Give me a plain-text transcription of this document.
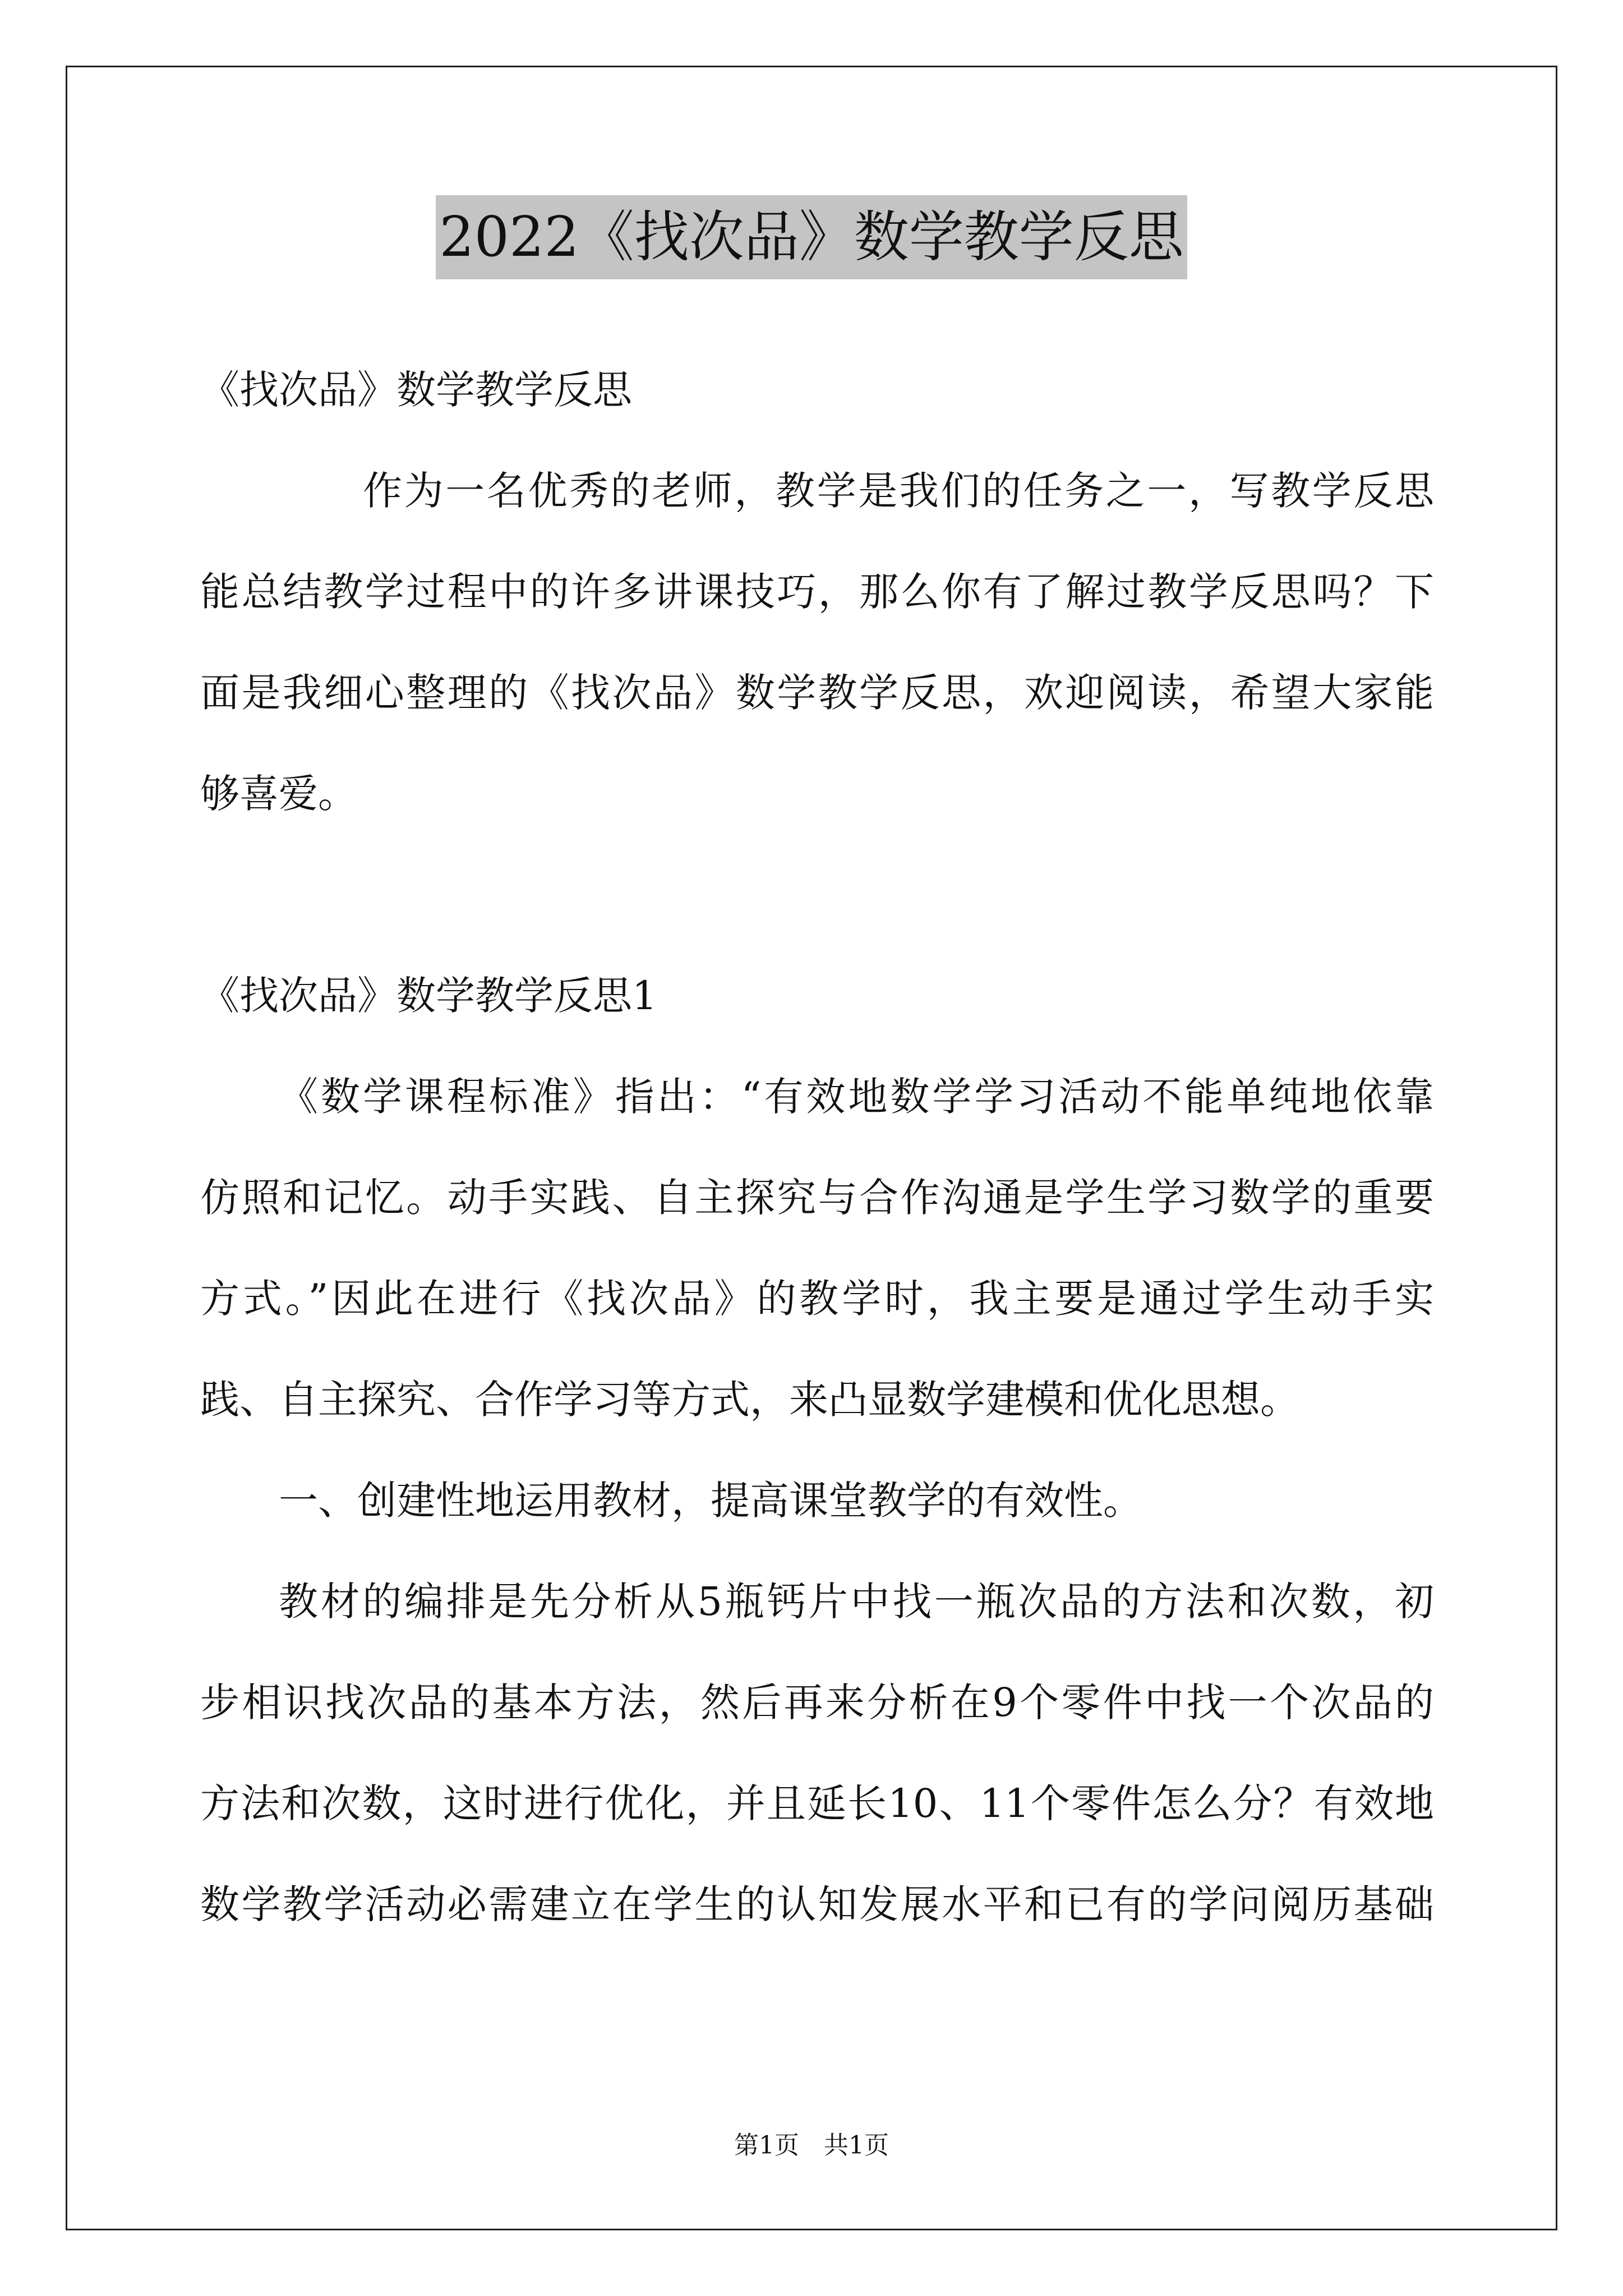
2022《找次品》数学教学反思

《找次品》数学教学反思

作为一名优秀的老师，教学是我们的任务之一，写教学反思

能总结教学过程中的许多讲课技巧，那么你有了解过教学反思吗？下

面是我细心整理的《找次品》数学教学反思，欢迎阅读，希望大家能

够喜爱。

《找次品》数学教学反思1

《数学课程标准》指出：“有效地数学学习活动不能单纯地依靠

仿照和记忆。动手实践、自主探究与合作沟通是学生学习数学的重要

方式。”因此在进行《找次品》的教学时，我主要是通过学生动手实

践、自主探究、合作学习等方式，来凸显数学建模和优化思想。

一、创建性地运用教材，提高课堂教学的有效性。

教材的编排是先分析从5瓶钙片中找一瓶次品的方法和次数，初

步相识找次品的基本方法，然后再来分析在9个零件中找一个次品的

方法和次数，这时进行优化，并且延长10、11个零件怎么分？有效地

数学教学活动必需建立在学生的认知发展水平和已有的学问阅历基础

第1页　共1页
